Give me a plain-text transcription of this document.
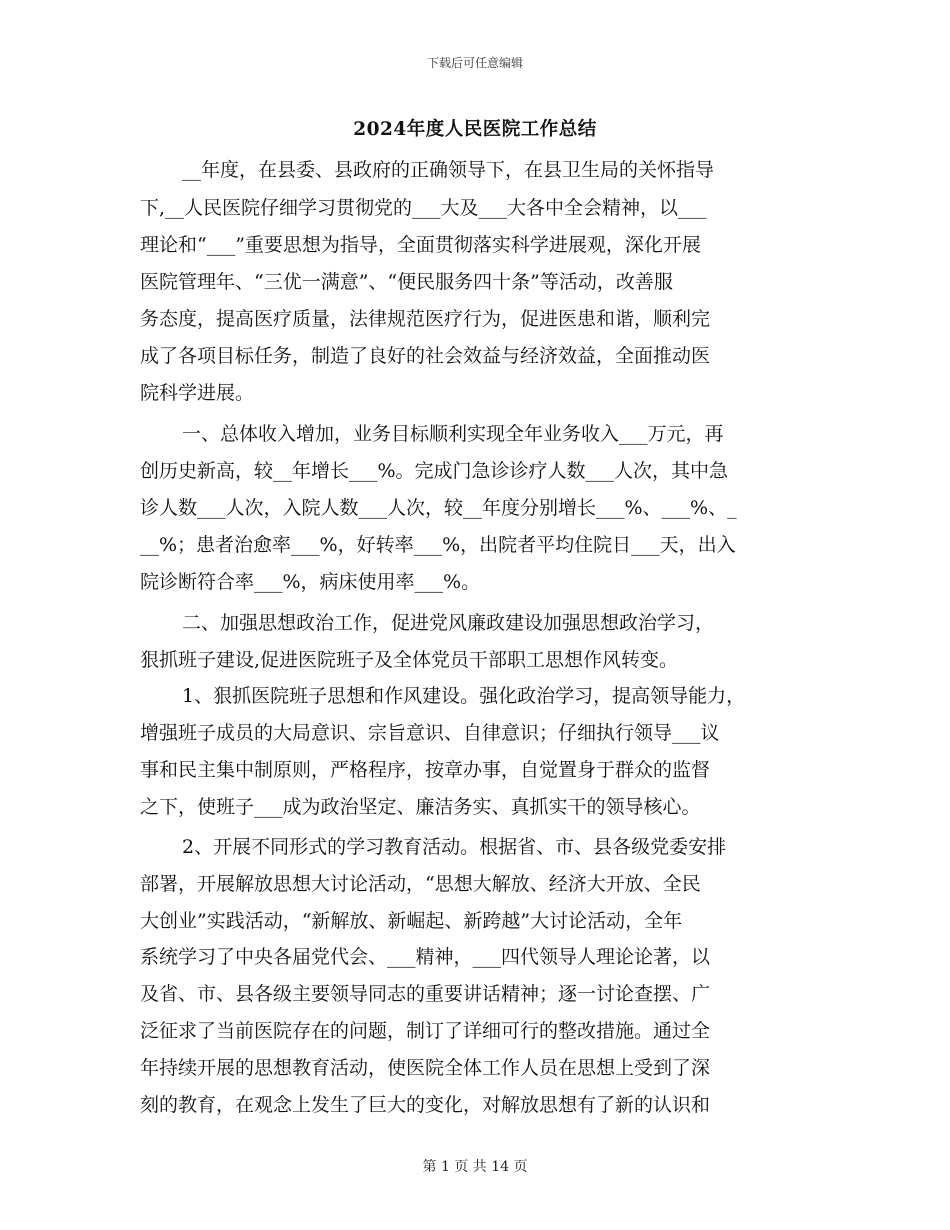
下载后可任意编辑
2024年度人民医院工作总结
__年度，在县委、县政府的正确领导下，在县卫生局的关怀指导
下,__人民医院仔细学习贯彻党的___大及___大各中全会精神，以___
理论和“___”重要思想为指导，全面贯彻落实科学进展观，深化开展
医院管理年、“三优一满意”、“便民服务四十条”等活动，改善服
务态度，提高医疗质量，法律规范医疗行为，促进医患和谐，顺利完
成了各项目标任务，制造了良好的社会效益与经济效益，全面推动医
院科学进展。
一、总体收入增加，业务目标顺利实现全年业务收入___万元，再
创历史新高，较__年增长___%。完成门急诊诊疗人数___人次，其中急
诊人数___人次，入院人数___人次，较__年度分别增长___%、___%、_
__%；患者治愈率___%，好转率___%，出院者平均住院日___天，出入
院诊断符合率___%，病床使用率___%。
二、加强思想政治工作，促进党风廉政建设加强思想政治学习，
狠抓班子建设,促进医院班子及全体党员干部职工思想作风转变。
1、狠抓医院班子思想和作风建设。强化政治学习，提高领导能力，
增强班子成员的大局意识、宗旨意识、自律意识；仔细执行领导___议
事和民主集中制原则，严格程序，按章办事，自觉置身于群众的监督
之下，使班子___成为政治坚定、廉洁务实、真抓实干的领导核心。
2、开展不同形式的学习教育活动。根据省、市、县各级党委安排
部署，开展解放思想大讨论活动，“思想大解放、经济大开放、全民
大创业”实践活动，“新解放、新崛起、新跨越”大讨论活动，全年
系统学习了中央各届党代会、___精神，___四代领导人理论论著，以
及省、市、县各级主要领导同志的重要讲话精神；逐一讨论查摆、广
泛征求了当前医院存在的问题，制订了详细可行的整改措施。通过全
年持续开展的思想教育活动，使医院全体工作人员在思想上受到了深
刻的教育，在观念上发生了巨大的变化，对解放思想有了新的认识和
第 1 页 共 14 页
